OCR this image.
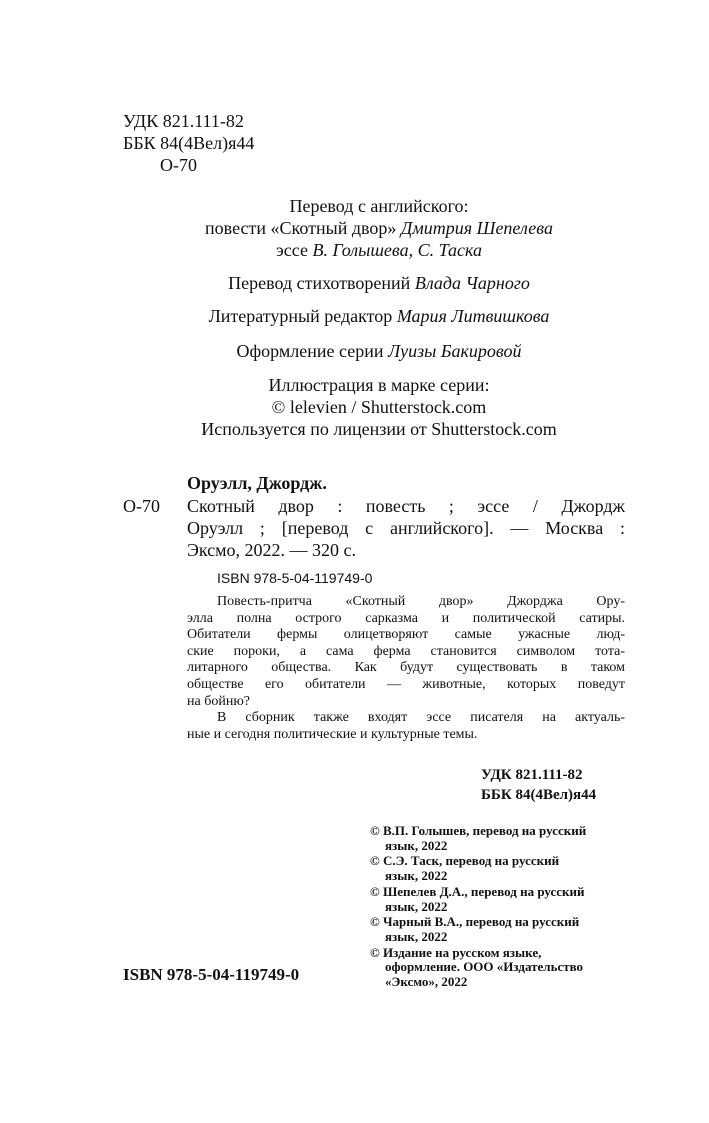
УДК 821.111-82
ББК 84(4Вел)я44
О-70
Перевод с английского:
повести «Скотный двор» Дмитрия Шепелева
эссе В. Голышева, С. Таска
Перевод стихотворений Влада Чарного
Литературный редактор Мария Литвишкова
Оформление серии Луизы Бакировой
Иллюстрация в марке серии:
© lelevien / Shutterstock.com
Используется по лицензии от Shutterstock.com
Оруэлл, Джордж.
О-70 Скотный двор : повесть ; эссе / Джордж
Оруэлл ; [перевод с английского]. — Москва :
Эксмо, 2022. — 320 с.
ISBN 978-5-04-119749-0
Повесть-притча «Скотный двор» Джорджа Ору-
элла полна острого сарказма и политической сатиры.
Обитатели фермы олицетворяют самые ужасные люд-
ские пороки, а сама ферма становится символом тота-
литарного общества. Как будут существовать в таком
обществе его обитатели — животные, которых поведут
на бойню?
В сборник также входят эссе писателя на актуаль-
ные и сегодня политические и культурные темы.
УДК 821.111-82
ББК 84(4Вел)я44
© В.П. Голышев, перевод на русский
язык, 2022
© С.Э. Таск, перевод на русский
язык, 2022
© Шепелев Д.А., перевод на русский
язык, 2022
© Чарный В.А., перевод на русский
язык, 2022
© Издание на русском языке,
оформление. ООО «Издательство
«Эксмо», 2022
ISBN 978-5-04-119749-0
